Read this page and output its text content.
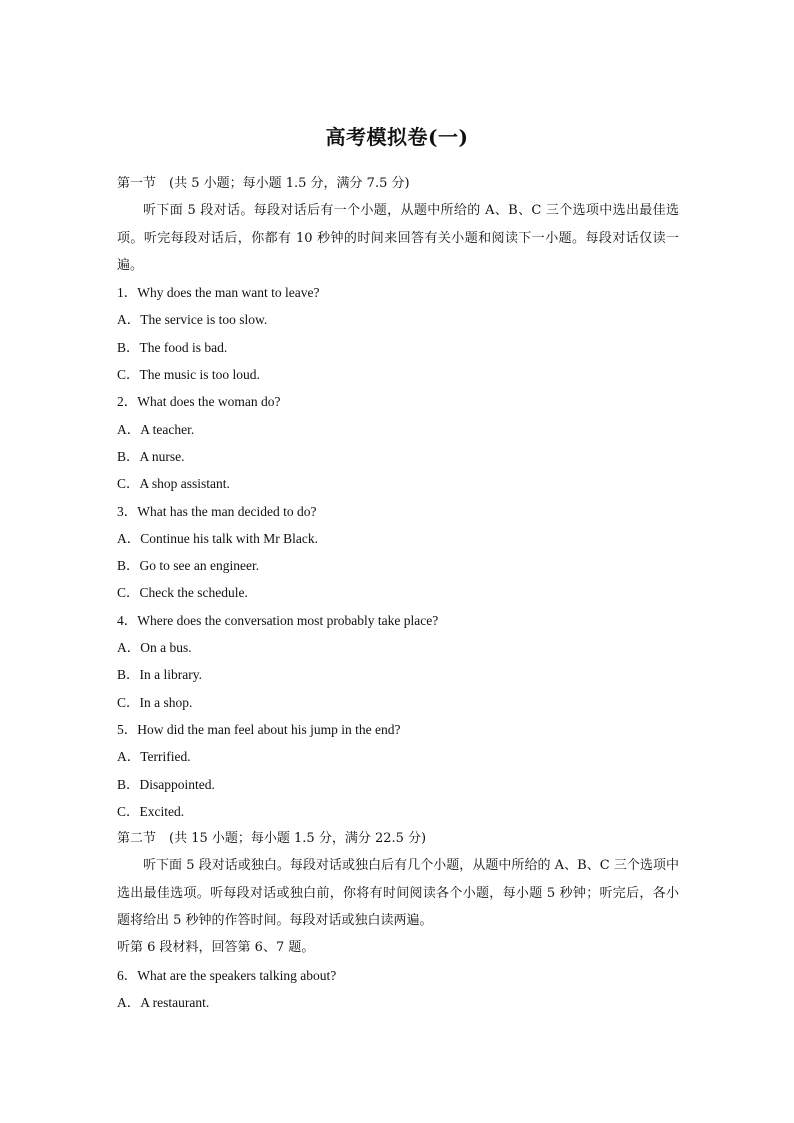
高考模拟卷(一)
第一节　(共 5 小题；每小题 1.5 分，满分 7.5 分)

听下面 5 段对话。每段对话后有一个小题，从题中所给的 A、B、C 三个选项中选出最佳选项。听完每段对话后，你都有 10 秒钟的时间来回答有关小题和阅读下一小题。每段对话仅读一遍。

1．Why does the man want to leave?
A．The service is too slow.
B．The food is bad.
C．The music is too loud.
2．What does the woman do?
A．A teacher.
B．A nurse.
C．A shop assistant.
3．What has the man decided to do?
A．Continue his talk with Mr Black.
B．Go to see an engineer.
C．Check the schedule.
4．Where does the conversation most probably take place?
A．On a bus.
B．In a library.
C．In a shop.
5．How did the man feel about his jump in the end?
A．Terrified.
B．Disappointed.
C．Excited.
第二节　(共 15 小题；每小题 1.5 分，满分 22.5 分)

听下面 5 段对话或独白。每段对话或独白后有几个小题，从题中所给的 A、B、C 三个选项中选出最佳选项。听每段对话或独白前，你将有时间阅读各个小题，每小题 5 秒钟；听完后，各小题将给出 5 秒钟的作答时间。每段对话或独白读两遍。

听第 6 段材料，回答第 6、7 题。
6．What are the speakers talking about?
A．A restaurant.
